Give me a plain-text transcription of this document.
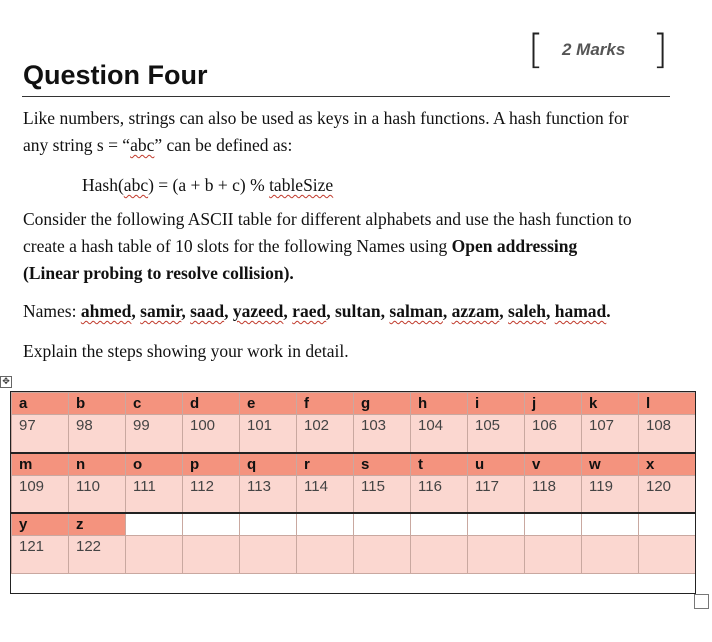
[ 2 Marks ]
Question Four
Like numbers, strings can also be used as keys in a hash functions. A hash function for
any string s = “abc” can be defined as:
Hash(abc) = (a + b + c) % tableSize
Consider the following ASCII table for different alphabets and use the hash function to
create a hash table of 10 slots for the following Names using Open addressing
(Linear probing to resolve collision).
Names: ahmed, samir, saad, yazeed, raed, sultan, salman, azzam, saleh, hamad.
Explain the steps showing your work in detail.
✥
a	b	c	d	e	f	g	h	i	j	k	l
97	98	99	100	101	102	103	104	105	106	107	108
m	n	o	p	q	r	s	t	u	v	w	x
109	110	111	112	113	114	115	116	117	118	119	120
y	z										
121	122										
